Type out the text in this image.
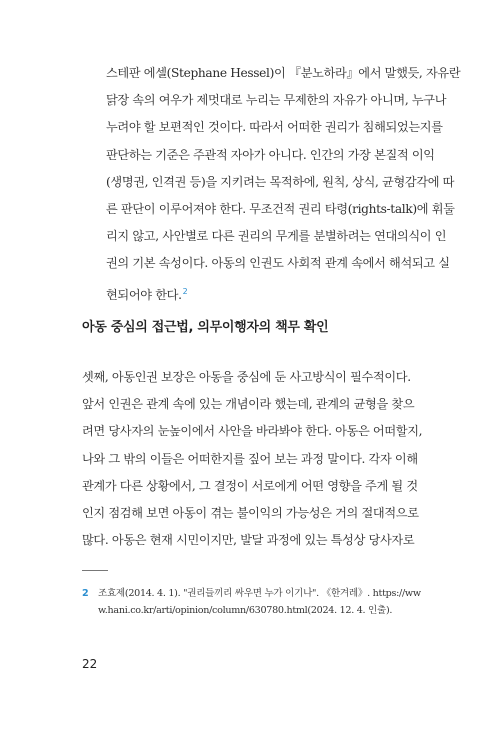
스테판 에셀(Stephane Hessel)이 『분노하라』에서 말했듯, 자유란
닭장 속의 여우가 제멋대로 누리는 무제한의 자유가 아니며, 누구나
누려야 할 보편적인 것이다. 따라서 어떠한 권리가 침해되었는지를
판단하는 기준은 주관적 자아가 아니다. 인간의 가장 본질적 이익
(생명권, 인격권 등)을 지키려는 목적하에, 원칙, 상식, 균형감각에 따
른 판단이 이루어져야 한다. 무조건적 권리 타령(rights-talk)에 휘둘
리지 않고, 사안별로 다른 권리의 무게를 분별하려는 연대의식이 인
권의 기본 속성이다. 아동의 인권도 사회적 관계 속에서 해석되고 실
현되어야 한다.$^2$

아동 중심의 접근법, 의무이행자의 책무 확인

셋째, 아동인권 보장은 아동을 중심에 둔 사고방식이 필수적이다.
앞서 인권은 관계 속에 있는 개념이라 했는데, 관계의 균형을 찾으
려면 당사자의 눈높이에서 사안을 바라봐야 한다. 아동은 어떠할지,
나와 그 밖의 이들은 어떠한지를 짚어 보는 과정 말이다. 각자 이해
관계가 다른 상황에서, 그 결정이 서로에게 어떤 영향을 주게 될 것
인지 점검해 보면 아동이 겪는 불이익의 가능성은 거의 절대적으로
많다. 아동은 현재 시민이지만, 발달 과정에 있는 특성상 당사자로

2 조효제(2014. 4. 1). "권리들끼리 싸우면 누가 이기나". 《한겨레》. https://ww
w.hani.co.kr/arti/opinion/column/630780.html(2024. 12. 4. 인출).
22
